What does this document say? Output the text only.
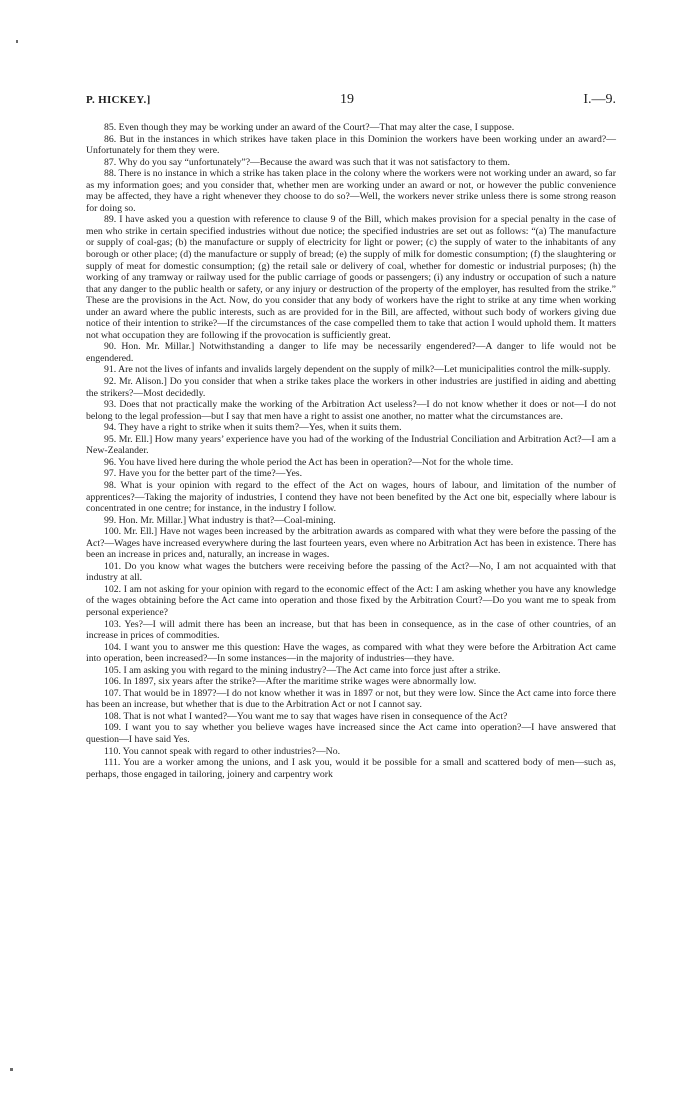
P. HICKEY.]	19	I.—9.

85. Even though they may be working under an award of the Court?—That may alter the case, I suppose.

86. But in the instances in which strikes have taken place in this Dominion the workers have been working under an award?—Unfortunately for them they were.

87. Why do you say “unfortunately”?—Because the award was such that it was not satisfactory to them.

88. There is no instance in which a strike has taken place in the colony where the workers were not working under an award, so far as my information goes; and you consider that, whether men are working under an award or not, or however the public convenience may be affected, they have a right whenever they choose to do so?—Well, the workers never strike unless there is some strong reason for doing so.

89. I have asked you a question with reference to clause 9 of the Bill, which makes provision for a special penalty in the case of men who strike in certain specified industries without due notice; the specified industries are set out as follows: “(a) The manufacture or supply of coal-gas; (b) the manufacture or supply of electricity for light or power; (c) the supply of water to the inhabitants of any borough or other place; (d) the manufacture or supply of bread; (e) the supply of milk for domestic consumption; (f) the slaughtering or supply of meat for domestic consumption; (g) the retail sale or delivery of coal, whether for domestic or industrial purposes; (h) the working of any tramway or railway used for the public carriage of goods or passengers; (i) any industry or occupation of such a nature that any danger to the public health or safety, or any injury or destruction of the property of the employer, has resulted from the strike.” These are the provisions in the Act. Now, do you consider that any body of workers have the right to strike at any time when working under an award where the public interests, such as are provided for in the Bill, are affected, without such body of workers giving due notice of their intention to strike?—If the circumstances of the case compelled them to take that action I would uphold them. It matters not what occupation they are following if the provocation is sufficiently great.

90. Hon. Mr. Millar.] Notwithstanding a danger to life may be necessarily engendered?—A danger to life would not be engendered.

91. Are not the lives of infants and invalids largely dependent on the supply of milk?—Let municipalities control the milk-supply.

92. Mr. Alison.] Do you consider that when a strike takes place the workers in other industries are justified in aiding and abetting the strikers?—Most decidedly.

93. Does that not practically make the working of the Arbitration Act useless?—I do not know whether it does or not—I do not belong to the legal profession—but I say that men have a right to assist one another, no matter what the circumstances are.

94. They have a right to strike when it suits them?—Yes, when it suits them.

95. Mr. Ell.] How many years’ experience have you had of the working of the Industrial Conciliation and Arbitration Act?—I am a New-Zealander.

96. You have lived here during the whole period the Act has been in operation?—Not for the whole time.

97. Have you for the better part of the time?—Yes.

98. What is your opinion with regard to the effect of the Act on wages, hours of labour, and limitation of the number of apprentices?—Taking the majority of industries, I contend they have not been benefited by the Act one bit, especially where labour is concentrated in one centre; for instance, in the industry I follow.

99. Hon. Mr. Millar.] What industry is that?—Coal-mining.

100. Mr. Ell.] Have not wages been increased by the arbitration awards as compared with what they were before the passing of the Act?—Wages have increased everywhere during the last fourteen years, even where no Arbitration Act has been in existence. There has been an increase in prices and, naturally, an increase in wages.

101. Do you know what wages the butchers were receiving before the passing of the Act?—No, I am not acquainted with that industry at all.

102. I am not asking for your opinion with regard to the economic effect of the Act: I am asking whether you have any knowledge of the wages obtaining before the Act came into operation and those fixed by the Arbitration Court?—Do you want me to speak from personal experience?

103. Yes?—I will admit there has been an increase, but that has been in consequence, as in the case of other countries, of an increase in prices of commodities.

104. I want you to answer me this question: Have the wages, as compared with what they were before the Arbitration Act came into operation, been increased?—In some instances—in the majority of industries—they have.

105. I am asking you with regard to the mining industry?—The Act came into force just after a strike.

106. In 1897, six years after the strike?—After the maritime strike wages were abnormally low.

107. That would be in 1897?—I do not know whether it was in 1897 or not, but they were low. Since the Act came into force there has been an increase, but whether that is due to the Arbitration Act or not I cannot say.

108. That is not what I wanted?—You want me to say that wages have risen in consequence of the Act?

109. I want you to say whether you believe wages have increased since the Act came into operation?—I have answered that question—I have said Yes.

110. You cannot speak with regard to other industries?—No.

111. You are a worker among the unions, and I ask you, would it be possible for a small and scattered body of men—such as, perhaps, those engaged in tailoring, joinery and carpentry work
